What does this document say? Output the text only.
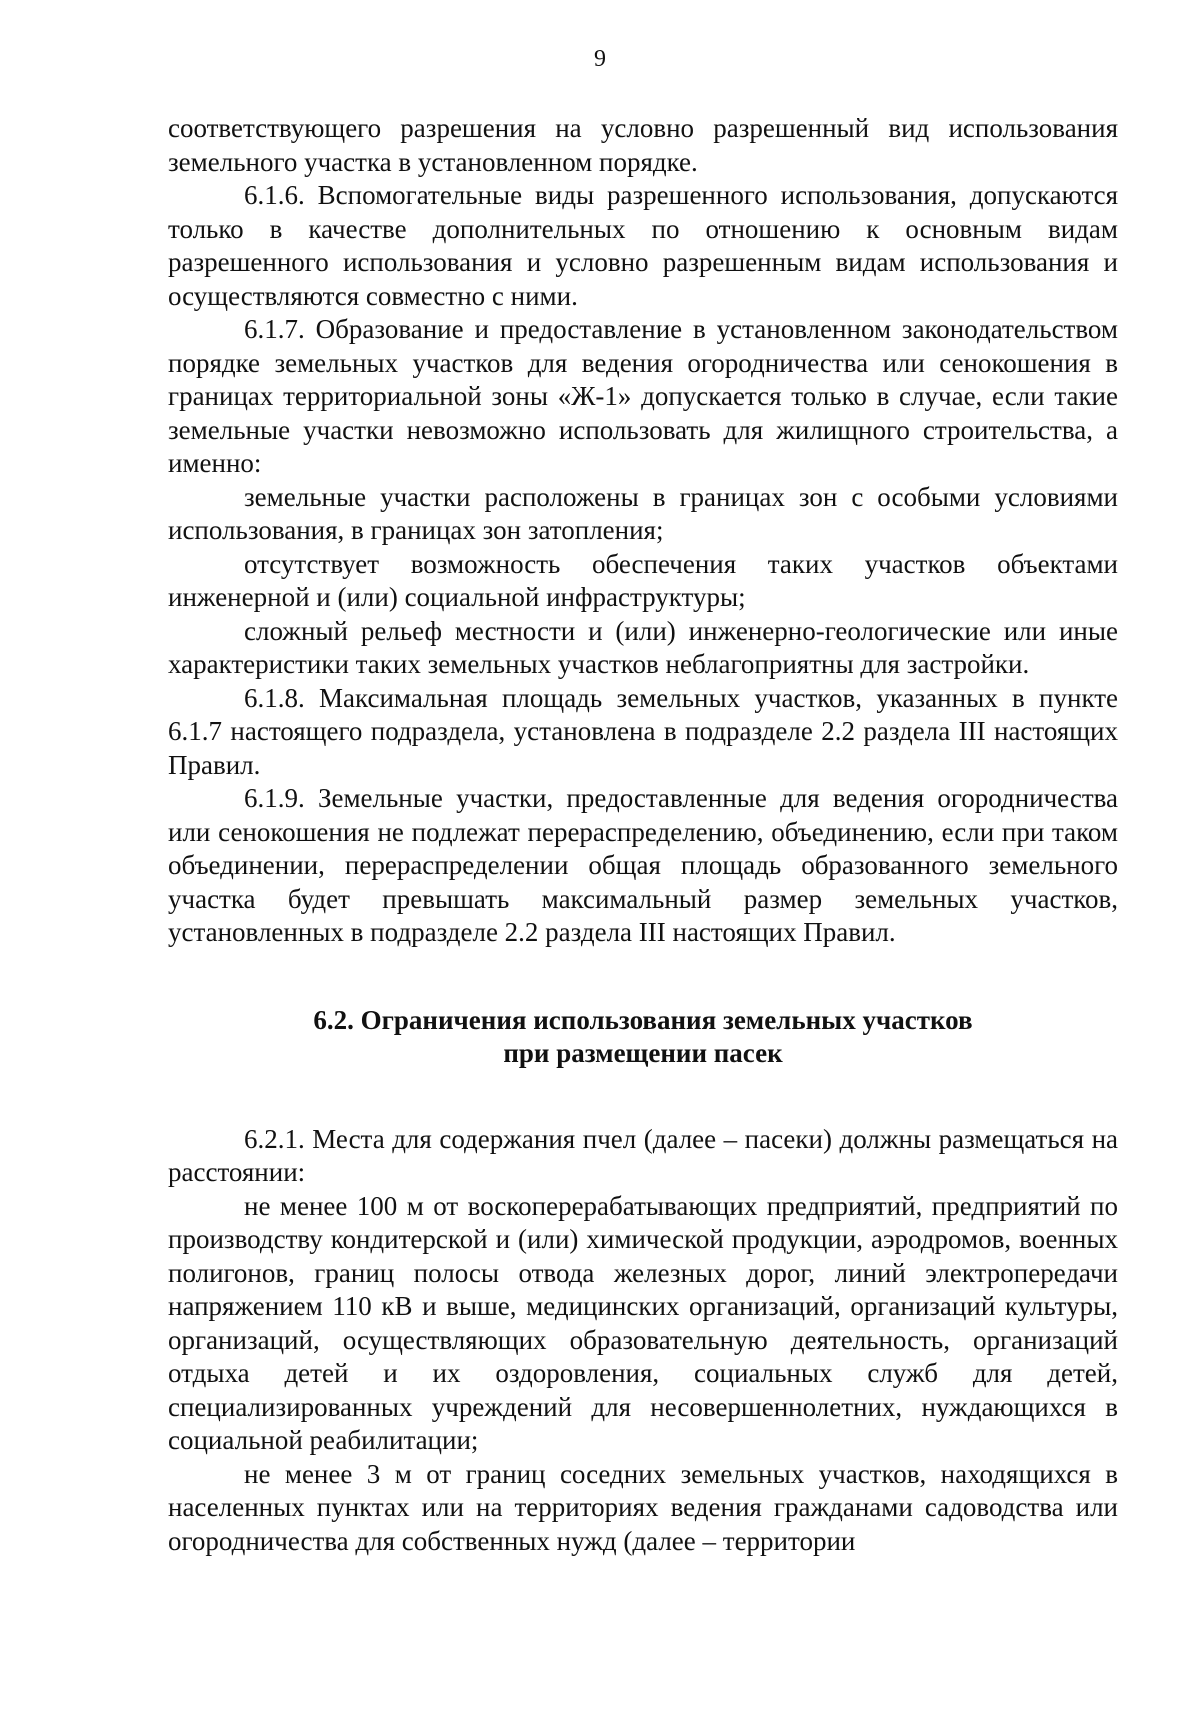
9

соответствующего разрешения на условно разрешенный вид использования земельного участка в установленном порядке.

6.1.6. Вспомогательные виды разрешенного использования, допускаются только в качестве дополнительных по отношению к основным видам разрешенного использования и условно разрешенным видам использования и осуществляются совместно с ними.

6.1.7. Образование и предоставление в установленном законодательством порядке земельных участков для ведения огородничества или сенокошения в границах территориальной зоны «Ж-1» допускается только в случае, если такие земельные участки невозможно использовать для жилищного строительства, а именно:

земельные участки расположены в границах зон с особыми условиями использования, в границах зон затопления;

отсутствует возможность обеспечения таких участков объектами инженерной и (или) социальной инфраструктуры;

сложный рельеф местности и (или) инженерно-геологические или иные характеристики таких земельных участков неблагоприятны для застройки.

6.1.8. Максимальная площадь земельных участков, указанных в пункте 6.1.7 настоящего подраздела, установлена в подразделе 2.2 раздела III настоящих Правил.

6.1.9. Земельные участки, предоставленные для ведения огородничества или сенокошения не подлежат перераспределению, объединению, если при таком объединении, перераспределении общая площадь образованного земельного участка будет превышать максимальный размер земельных участков, установленных в подразделе 2.2 раздела III настоящих Правил.

6.2. Ограничения использования земельных участков
при размещении пасек

6.2.1. Места для содержания пчел (далее – пасеки) должны размещаться на расстоянии:

не менее 100 м от воскоперерабатывающих предприятий, предприятий по производству кондитерской и (или) химической продукции, аэродромов, военных полигонов, границ полосы отвода железных дорог, линий электропередачи напряжением 110 кВ и выше, медицинских организаций, организаций культуры, организаций, осуществляющих образовательную деятельность, организаций отдыха детей и их оздоровления, социальных служб для детей, специализированных учреждений для несовершеннолетних, нуждающихся в социальной реабилитации;

не менее 3 м от границ соседних земельных участков, находящихся в населенных пунктах или на территориях ведения гражданами садоводства или огородничества для собственных нужд (далее – территории
